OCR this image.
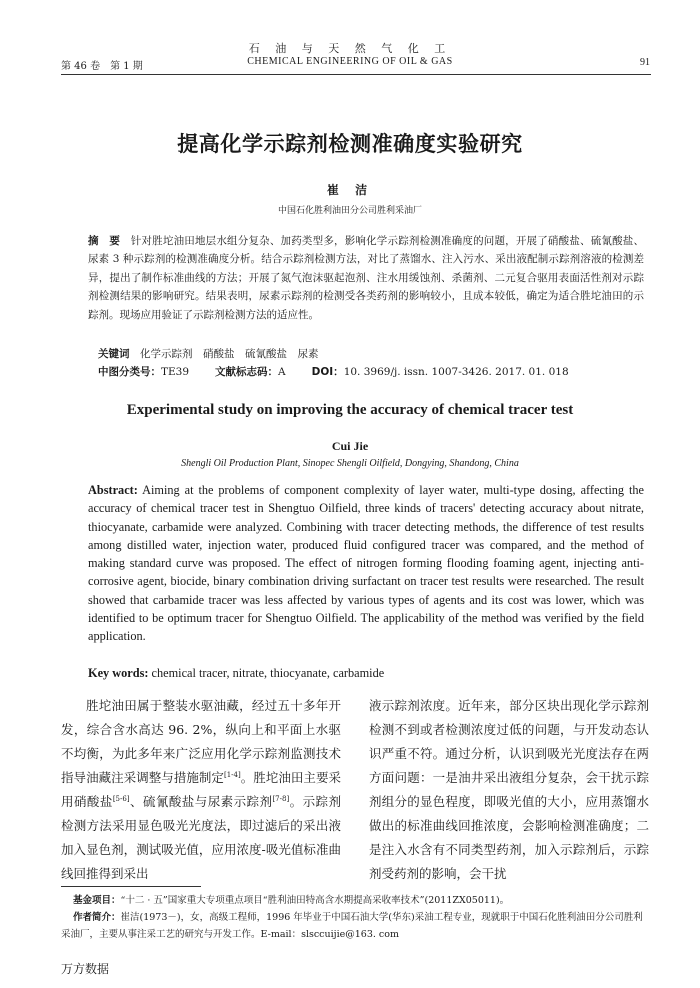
石 油 与 天 然 气 化 工
CHEMICAL ENGINEERING OF OIL & GAS
第 46 卷　第 1 期	91
提高化学示踪剂检测准确度实验研究
崔 洁
中国石化胜利油田分公司胜利采油厂
摘　要  针对胜坨油田地层水组分复杂、加药类型多，影响化学示踪剂检测准确度的问题，开展了硝酸盐、硫氰酸盐、尿素 3 种示踪剂的检测准确度分析。结合示踪剂检测方法，对比了蒸馏水、注入污水、采出液配制示踪剂溶液的检测差异，提出了制作标准曲线的方法；开展了氮气泡沫驱起泡剂、注水用缓蚀剂、杀菌剂、二元复合驱用表面活性剂对示踪剂检测结果的影响研究。结果表明，尿素示踪剂的检测受各类药剂的影响较小，且成本较低，确定为适合胜坨油田的示踪剂。现场应用验证了示踪剂检测方法的适应性。
关键词  化学示踪剂　硝酸盐　硫氰酸盐　尿素
中图分类号：TE39 文献标志码：A DOI：10. 3969/j. issn. 1007-3426. 2017. 01. 018
Experimental study on improving the accuracy of chemical tracer test
Cui Jie
Shengli Oil Production Plant, Sinopec Shengli Oilfield, Dongying, Shandong, China
Abstract: Aiming at the problems of component complexity of layer water, multi-type dosing, affecting the accuracy of chemical tracer test in Shengtuo Oilfield, three kinds of tracers' detecting accuracy about nitrate, thiocyanate, carbamide were analyzed. Combining with tracer detecting methods, the difference of test results among distilled water, injection water, produced fluid configured tracer was compared, and the method of making standard curve was proposed. The effect of nitrogen forming flooding foaming agent, injecting anti-corrosive agent, biocide, binary combination driving surfactant on tracer test results were researched. The result showed that carbamide tracer was less affected by various types of agents and its cost was lower, which was identified to be optimum tracer for Shengtuo Oilfield. The applicability of the method was verified by the field application.
Key words: chemical tracer, nitrate, thiocyanate, carbamide
胜坨油田属于整装水驱油藏，经过五十多年开发，综合含水高达 96. 2%，纵向上和平面上水驱不均衡，为此多年来广泛应用化学示踪剂监测技术指导油藏注采调整与措施制定[1-4]。胜坨油田主要采用硝酸盐[5-6]、硫氰酸盐与尿素示踪剂[7-8]。示踪剂检测方法采用显色吸光光度法，即过滤后的采出液加入显色剂，测试吸光值，应用浓度-吸光值标准曲线回推得到采出
液示踪剂浓度。近年来，部分区块出现化学示踪剂检测不到或者检测浓度过低的问题，与开发动态认识严重不符。通过分析，认识到吸光光度法存在两方面问题：一是油井采出液组分复杂，会干扰示踪剂组分的显色程度，即吸光值的大小，应用蒸馏水做出的标准曲线回推浓度，会影响检测准确度；二是注入水含有不同类型药剂，加入示踪剂后，示踪剂受药剂的影响，会干扰
基金项目：“十二 · 五”国家重大专项重点项目“胜利油田特高含水期提高采收率技术”(2011ZX05011)。
作者简介：崔洁(1973－)，女，高级工程师，1996 年毕业于中国石油大学(华东)采油工程专业，现就职于中国石化胜利油田分公司胜利采油厂，主要从事注采工艺的研究与开发工作。E-mail：slsccuijie@163. com
万方数据
